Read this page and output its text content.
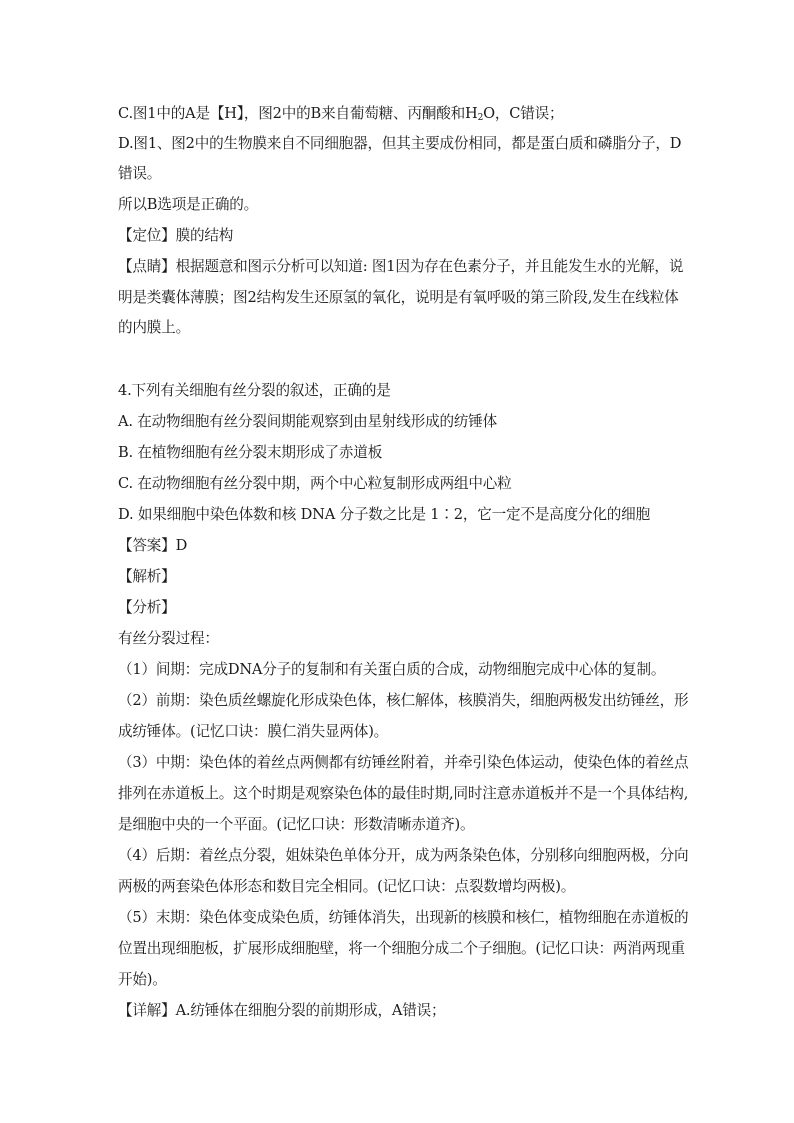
C.图1中的A是【H】，图2中的B来自葡萄糖、丙酮酸和$H_2O$，C错误；
D.图1、图2中的生物膜来自不同细胞器，但其主要成份相同，都是蛋白质和磷脂分子，D
错误。
所以B选项是正确的。
【定位】膜的结构
【点睛】根据题意和图示分析可以知道: 图1因为存在色素分子，并且能发生水的光解，说
明是类囊体薄膜；图2结构发生还原氢的氧化，说明是有氧呼吸的第三阶段,发生在线粒体
的内膜上。
4.下列有关细胞有丝分裂的叙述，正确的是
A. 在动物细胞有丝分裂间期能观察到由星射线形成的纺锤体
B. 在植物细胞有丝分裂末期形成了赤道板
C. 在动物细胞有丝分裂中期，两个中心粒复制形成两组中心粒
D. 如果细胞中染色体数和核 DNA 分子数之比是 1∶2，它一定不是高度分化的细胞
【答案】D
【解析】
【分析】
有丝分裂过程：
（1）间期：完成DNA分子的复制和有关蛋白质的合成，动物细胞完成中心体的复制。
（2）前期：染色质丝螺旋化形成染色体，核仁解体，核膜消失，细胞两极发出纺锤丝，形
成纺锤体。(记忆口诀：膜仁消失显两体)。
（3）中期：染色体的着丝点两侧都有纺锤丝附着，并牵引染色体运动，使染色体的着丝点
排列在赤道板上。这个时期是观察染色体的最佳时期,同时注意赤道板并不是一个具体结构,
是细胞中央的一个平面。(记忆口诀：形数清晰赤道齐)。
（4）后期：着丝点分裂，姐妹染色单体分开，成为两条染色体，分别移向细胞两极，分向
两极的两套染色体形态和数目完全相同。(记忆口诀：点裂数增均两极)。
（5）末期：染色体变成染色质，纺锤体消失，出现新的核膜和核仁，植物细胞在赤道板的
位置出现细胞板，扩展形成细胞壁，将一个细胞分成二个子细胞。(记忆口诀：两消两现重
开始)。
【详解】A.纺锤体在细胞分裂的前期形成，A错误；
